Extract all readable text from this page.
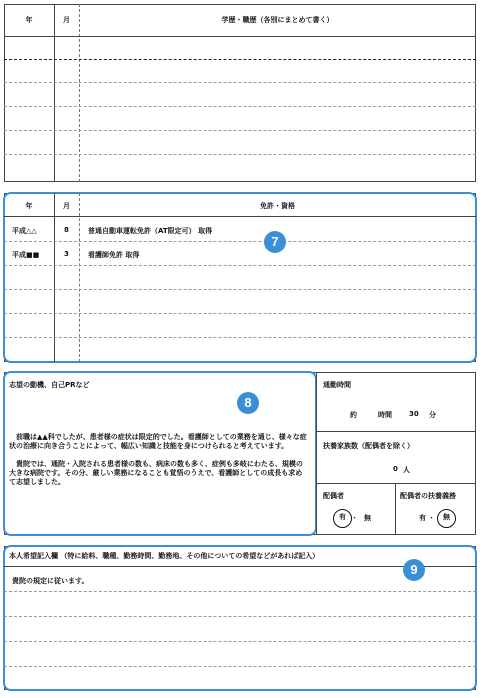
年	月	学歴・職歴（各別にまとめて書く）
年	月	免許・資格
平成△△	8	普通自動車運転免許（AT限定可） 取得
平成■■	3	看護師免許 取得
7
志望の動機、自己PRなど
8
前職は▲▲科でしたが、患者様の症状は限定的でした。看護師としての業務を通じ、様々な症状の治療に向き合うことによって、幅広い知識と技能を身につけられると考えています。
貴院では、通院・入院される患者様の数も、病床の数も多く、症例も多岐にわたる、規模の大きな病院です。その分、厳しい業務になることも覚悟のうえで、看護師としての成長も求めて志望しました。
通勤時間
約	時間 30 分
扶養家族数（配偶者を除く）
0 人
配偶者
有 ・ 無
配偶者の扶養義務
有 ・	無
本人希望記入欄 （特に給料、職種、勤務時間、勤務地、その他についての希望などがあれば記入）
9
貴院の規定に従います。
